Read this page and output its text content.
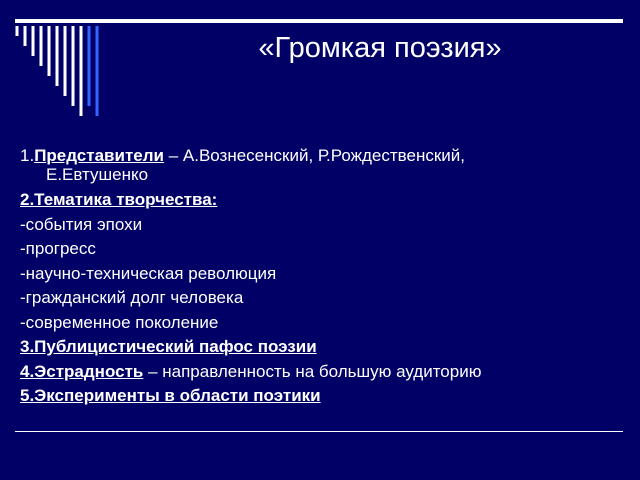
«Громкая поэзия»
1.Представители – А.Вознесенский, Р.Рождественский,
Е.Евтушенко
2.Тематика творчества:
-события эпохи
-прогресс
-научно-техническая революция
-гражданский долг человека
-современное поколение
3.Публицистический пафос поэзии
4.Эстрадность – направленность на большую аудиторию
5.Эксперименты в области поэтики
